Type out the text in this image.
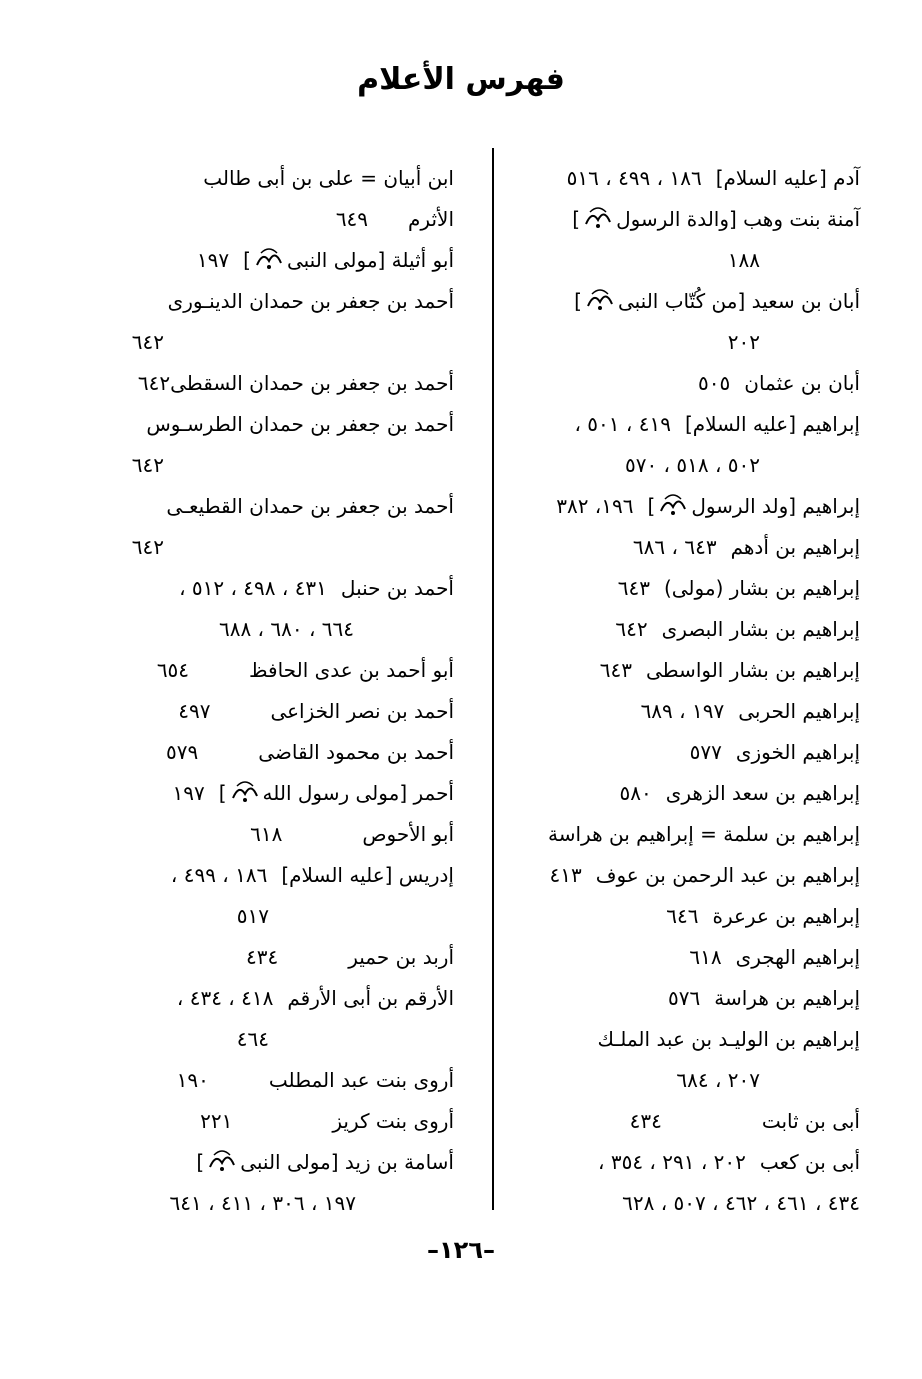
فهرس الأعلام
آدم [عليه السلام]١٨٦ ، ٤٩٩ ، ٥١٦
آمنة بنت وهب [والدة الرسول]
١٨٨
أبان بن سعيد [من كُتّاب النبى]
٢٠٢
أبان بن عثمان٥٠٥
إبراهيم [عليه السلام]٤١٩ ، ٥٠١ ،
٥٠٢ ، ٥١٨ ، ٥٧٠
إبراهيم [ولد الرسول]١٩٦، ٣٨٢
إبراهيم بن أدهم٦٤٣ ، ٦٨٦
إبراهيم بن بشار (مولى)٦٤٣
إبراهيم بن بشار البصرى٦٤٢
إبراهيم بن بشار الواسطى٦٤٣
إبراهيم الحربى١٩٧ ، ٦٨٩
إبراهيم الخوزى٥٧٧
إبراهيم بن سعد الزهرى٥٨٠
إبراهيم بن سلمة = إبراهيم بن هراسة
إبراهيم بن عبد الرحمن بن عوف٤١٣
إبراهيم بن عرعرة٦٤٦
إبراهيم الهجرى٦١٨
إبراهيم بن هراسة٥٧٦
إبراهيم بن الوليـد بن عبد الملـك
٢٠٧ ، ٦٨٤
أبى بن ثابت٤٣٤
أبى بن كعب٢٠٢ ، ٢٩١ ، ٣٥٤ ،
٤٣٤ ، ٤٦١ ، ٤٦٢ ، ٥٠٧ ، ٦٢٨
ابن أبيان = على بن أبى طالب
الأثرم٦٤٩
أبو أثيلة [مولى النبى]١٩٧
أحمد بن جعفر بن حمدان الدينـورى
٦٤٢
أحمد بن جعفر بن حمدان السقطى٦٤٢
أحمد بن جعفر بن حمدان الطرسـوس
٦٤٢
أحمد بن جعفر بن حمدان القطيعـى
٦٤٢
أحمد بن حنبل٤٣١ ، ٤٩٨ ، ٥١٢ ،
٦٦٤ ، ٦٨٠ ، ٦٨٨
أبو أحمد بن عدى الحافظ٦٥٤
أحمد بن نصر الخزاعى٤٩٧
أحمد بن محمود القاضى٥٧٩
أحمر [مولى رسول الله]١٩٧
أبو الأحوص٦١٨
إدريس [عليه السلام]١٨٦ ، ٤٩٩ ،
٥١٧
أربد بن حمير٤٣٤
الأرقم بن أبى الأرقم٤١٨ ، ٤٣٤ ،
٤٦٤
أروى بنت عبد المطلب١٩٠
أروى بنت كريز٢٢١
أسامة بن زيد [مولى النبى]
١٩٧ ، ٣٠٦ ، ٤١١ ، ٦٤١
–١٢٦–
